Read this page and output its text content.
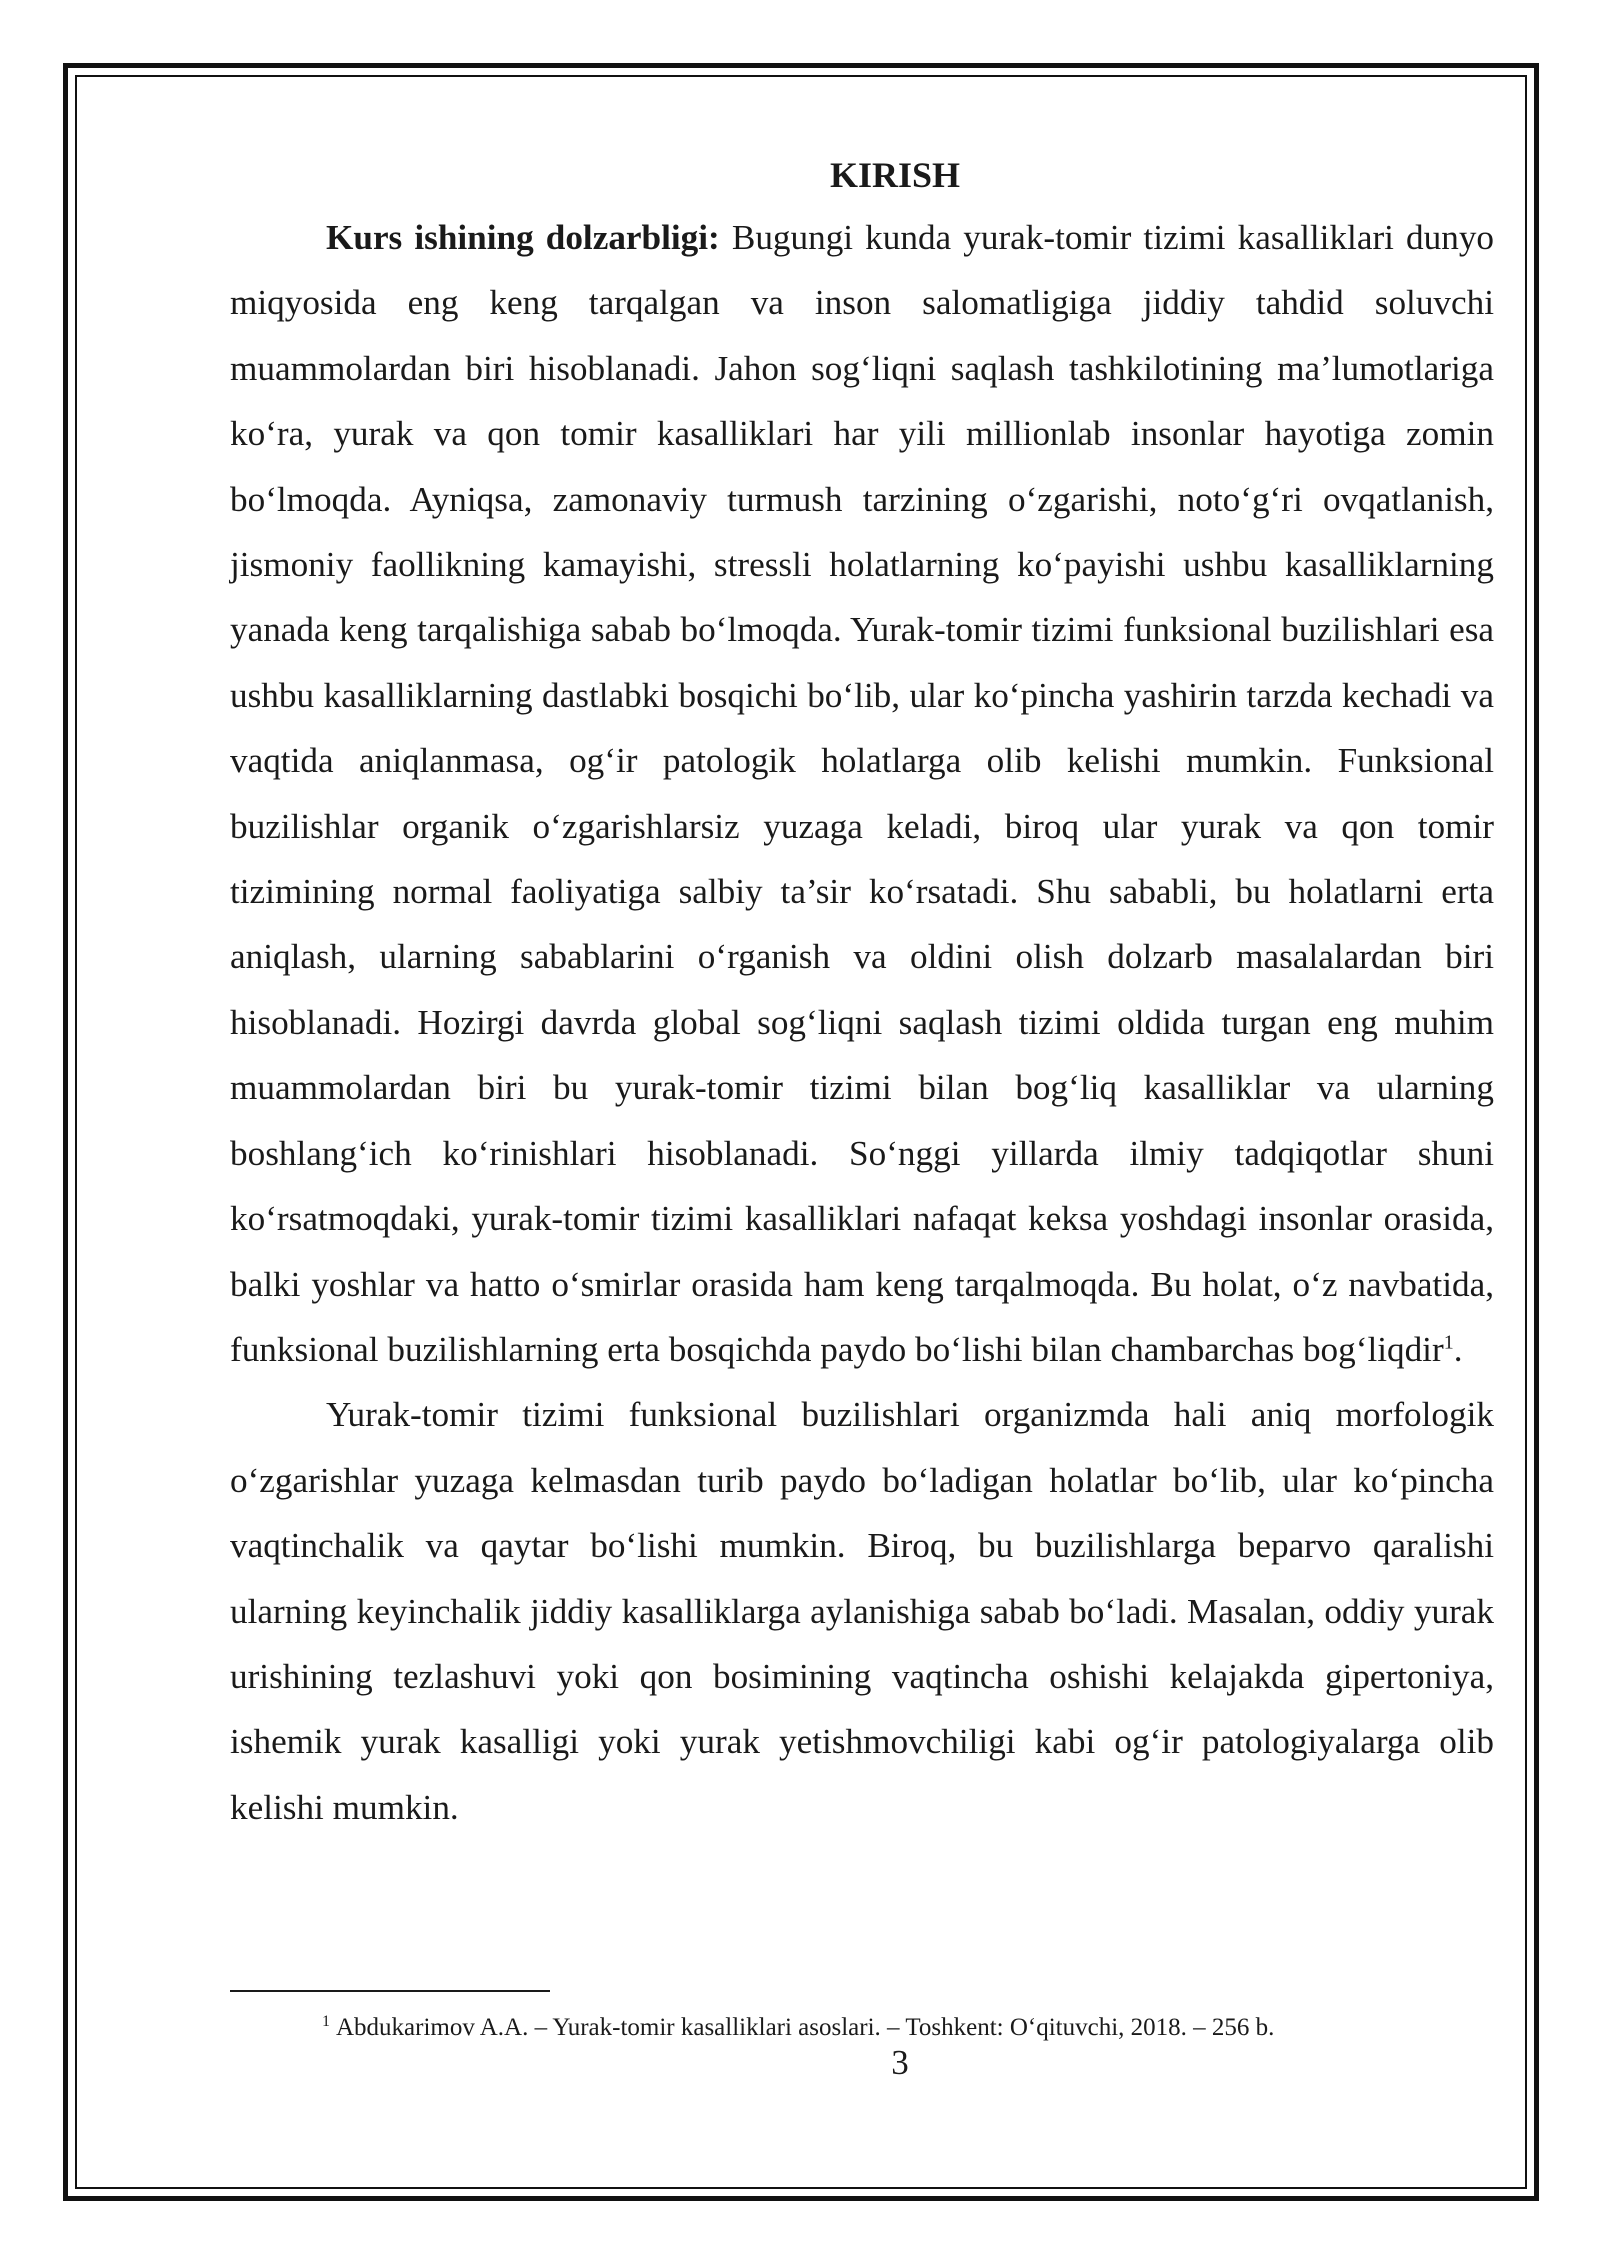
KIRISH

Kurs ishining dolzarbligi: Bugungi kunda yurak-tomir tizimi kasalliklari dunyo miqyosida eng keng tarqalgan va inson salomatligiga jiddiy tahdid soluvchi muammolardan biri hisoblanadi. Jahon sog‘liqni saqlash tashkilotining ma’lumotlariga ko‘ra, yurak va qon tomir kasalliklari har yili millionlab insonlar hayotiga zomin bo‘lmoqda. Ayniqsa, zamonaviy turmush tarzining o‘zgarishi, noto‘g‘ri ovqatlanish, jismoniy faollikning kamayishi, stressli holatlarning ko‘payishi ushbu kasalliklarning yanada keng tarqalishiga sabab bo‘lmoqda. Yurak-tomir tizimi funksional buzilishlari esa ushbu kasalliklarning dastlabki bosqichi bo‘lib, ular ko‘pincha yashirin tarzda kechadi va vaqtida aniqlanmasa, og‘ir patologik holatlarga olib kelishi mumkin. Funksional buzilishlar organik o‘zgarishlarsiz yuzaga keladi, biroq ular yurak va qon tomir tizimining normal faoliyatiga salbiy ta’sir ko‘rsatadi. Shu sababli, bu holatlarni erta aniqlash, ularning sabablarini o‘rganish va oldini olish dolzarb masalalardan biri hisoblanadi. Hozirgi davrda global sog‘liqni saqlash tizimi oldida turgan eng muhim muammolardan biri bu yurak-tomir tizimi bilan bog‘liq kasalliklar va ularning boshlang‘ich ko‘rinishlari hisoblanadi. So‘nggi yillarda ilmiy tadqiqotlar shuni ko‘rsatmoqdaki, yurak-tomir tizimi kasalliklari nafaqat keksa yoshdagi insonlar orasida, balki yoshlar va hatto o‘smirlar orasida ham keng tarqalmoqda. Bu holat, o‘z navbatida, funksional buzilishlarning erta bosqichda paydo bo‘lishi bilan chambarchas bog‘liqdir$^1$.

Yurak-tomir tizimi funksional buzilishlari organizmda hali aniq morfologik o‘zgarishlar yuzaga kelmasdan turib paydo bo‘ladigan holatlar bo‘lib, ular ko‘pincha vaqtinchalik va qaytar bo‘lishi mumkin. Biroq, bu buzilishlarga beparvo qaralishi ularning keyinchalik jiddiy kasalliklarga aylanishiga sabab bo‘ladi. Masalan, oddiy yurak urishining tezlashuvi yoki qon bosimining vaqtincha oshishi kelajakda gipertoniya, ishemik yurak kasalligi yoki yurak yetishmovchiligi kabi og‘ir patologiyalarga olib kelishi mumkin.

$^1$ Abdukarimov A.A. – Yurak-tomir kasalliklari asoslari. – Toshkent: O‘qituvchi, 2018. – 256 b.

3
